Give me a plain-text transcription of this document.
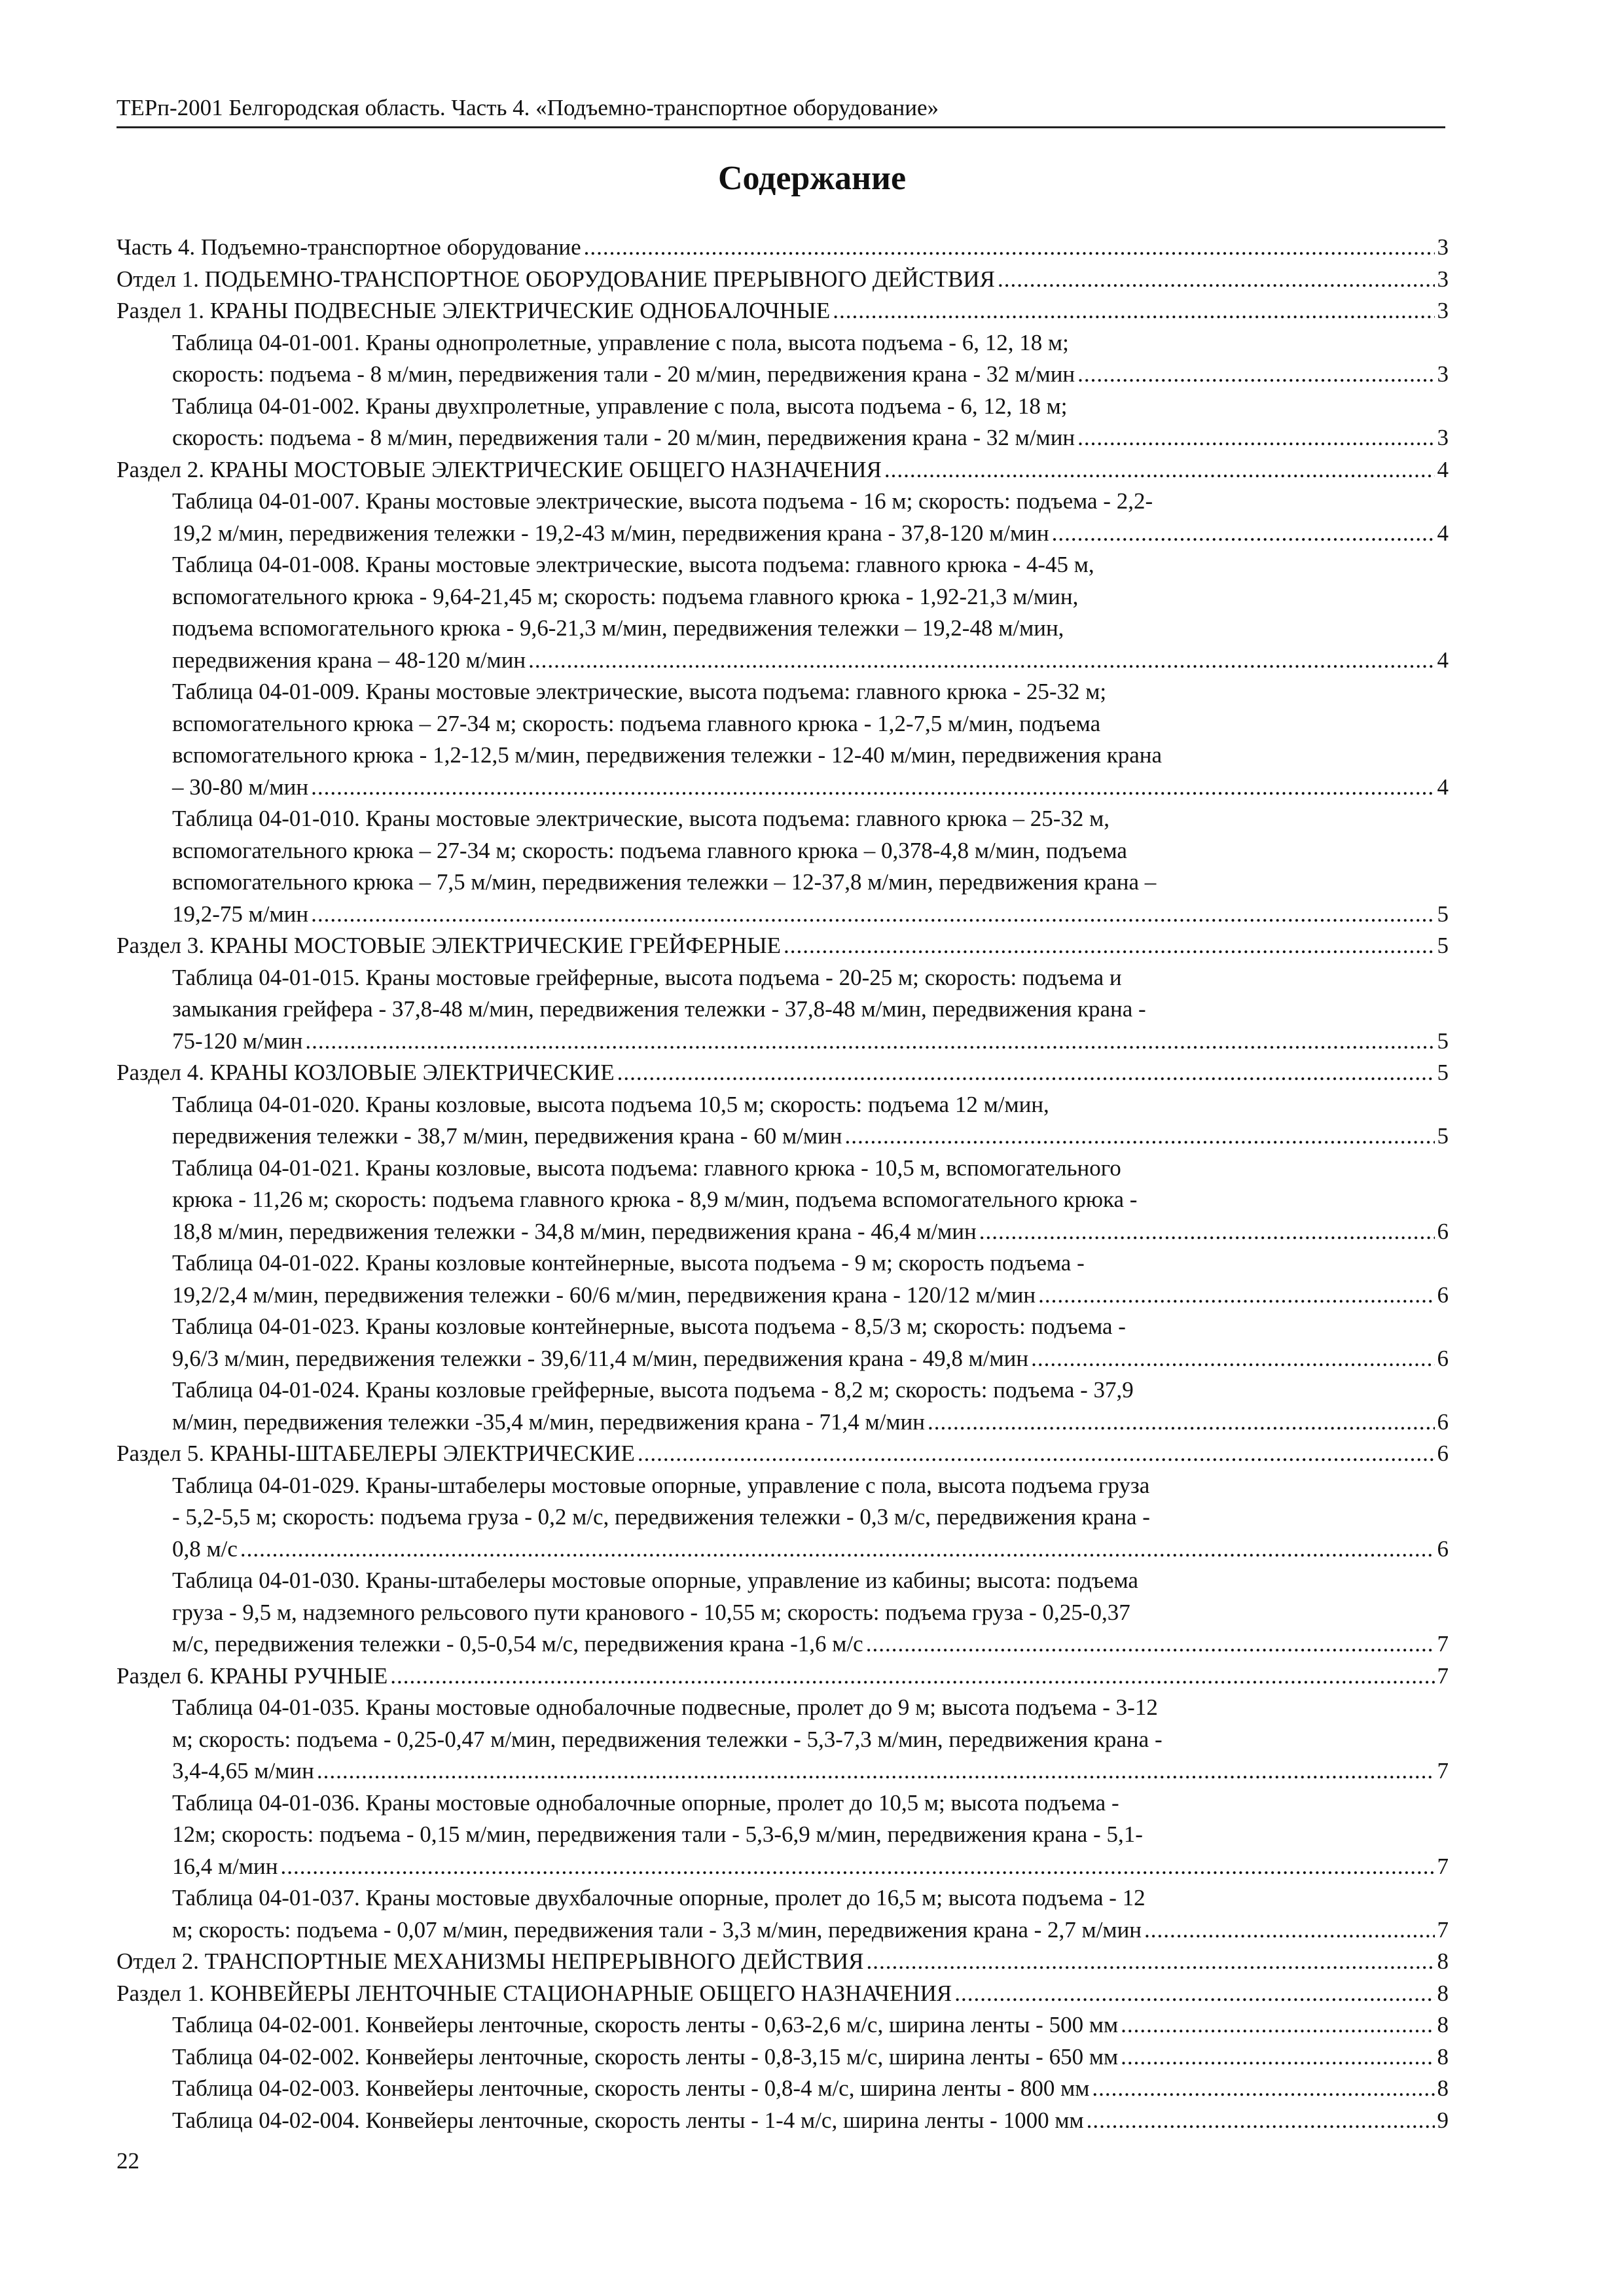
ТЕРп-2001 Белгородская область. Часть 4. «Подъемно-транспортное оборудование»
Содержание
Часть 4. Подъемно-транспортное оборудование .....	3
Отдел 1. ПОДЬЕМНО-ТРАНСПОРТНОЕ ОБОРУДОВАНИЕ ПРЕРЫВНОГО ДЕЙСТВИЯ .....	3
Раздел 1. КРАНЫ ПОДВЕСНЫЕ ЭЛЕКТРИЧЕСКИЕ ОДНОБАЛОЧНЫЕ .....	3
Таблица 04-01-001. Краны однопролетные, управление с пола, высота подъема - 6, 12, 18 м;
скорость: подъема - 8 м/мин, передвижения тали - 20 м/мин, передвижения крана - 32 м/мин .....	3
Таблица 04-01-002. Краны двухпролетные, управление с пола, высота подъема - 6, 12, 18 м;
скорость: подъема - 8 м/мин, передвижения тали - 20 м/мин, передвижения крана - 32 м/мин .....	3
Раздел 2. КРАНЫ МОСТОВЫЕ ЭЛЕКТРИЧЕСКИЕ ОБЩЕГО НАЗНАЧЕНИЯ .....	4
Таблица 04-01-007. Краны мостовые электрические, высота подъема - 16 м; скорость: подъема - 2,2-
19,2 м/мин, передвижения тележки - 19,2-43 м/мин, передвижения крана - 37,8-120 м/мин .....	4
Таблица 04-01-008. Краны мостовые электрические, высота подъема: главного крюка - 4-45 м,
вспомогательного крюка - 9,64-21,45 м; скорость: подъема главного крюка - 1,92-21,3 м/мин,
подъема вспомогательного крюка - 9,6-21,3 м/мин, передвижения тележки – 19,2-48 м/мин,
передвижения крана – 48-120 м/мин .....	4
Таблица 04-01-009. Краны мостовые электрические, высота подъема: главного крюка - 25-32 м;
вспомогательного крюка – 27-34 м; скорость: подъема главного крюка - 1,2-7,5 м/мин, подъема
вспомогательного крюка - 1,2-12,5 м/мин, передвижения тележки - 12-40 м/мин, передвижения крана
– 30-80 м/мин .....	4
Таблица 04-01-010. Краны мостовые электрические, высота подъема: главного крюка – 25-32 м,
вспомогательного крюка – 27-34 м; скорость: подъема главного крюка – 0,378-4,8 м/мин, подъема
вспомогательного крюка – 7,5 м/мин, передвижения тележки – 12-37,8 м/мин, передвижения крана –
19,2-75 м/мин .....	5
Раздел 3. КРАНЫ МОСТОВЫЕ ЭЛЕКТРИЧЕСКИЕ ГРЕЙФЕРНЫЕ .....	5
Таблица 04-01-015. Краны мостовые грейферные, высота подъема - 20-25 м; скорость: подъема и
замыкания грейфера - 37,8-48 м/мин, передвижения тележки - 37,8-48 м/мин, передвижения крана -
75-120 м/мин .....	5
Раздел 4. КРАНЫ КОЗЛОВЫЕ ЭЛЕКТРИЧЕСКИЕ .....	5
Таблица 04-01-020. Краны козловые, высота подъема 10,5 м; скорость: подъема 12 м/мин,
передвижения тележки - 38,7 м/мин, передвижения крана - 60 м/мин .....	5
Таблица 04-01-021. Краны козловые, высота подъема: главного крюка - 10,5 м, вспомогательного
крюка - 11,26 м; скорость: подъема главного крюка - 8,9 м/мин, подъема вспомогательного крюка -
18,8 м/мин, передвижения тележки - 34,8 м/мин, передвижения крана - 46,4 м/мин .....	6
Таблица 04-01-022. Краны козловые контейнерные, высота подъема - 9 м; скорость подъема -
19,2/2,4 м/мин, передвижения тележки - 60/6 м/мин, передвижения крана - 120/12 м/мин .....	6
Таблица 04-01-023. Краны козловые контейнерные, высота подъема - 8,5/3 м; скорость: подъема -
9,6/3 м/мин, передвижения тележки - 39,6/11,4 м/мин, передвижения крана - 49,8 м/мин .....	6
Таблица 04-01-024. Краны козловые грейферные, высота подъема - 8,2 м; скорость: подъема - 37,9
м/мин, передвижения тележки -35,4 м/мин, передвижения крана - 71,4 м/мин .....	6
Раздел 5. КРАНЫ-ШТАБЕЛЕРЫ ЭЛЕКТРИЧЕСКИЕ .....	6
Таблица 04-01-029. Краны-штабелеры мостовые опорные, управление с пола, высота подъема груза
- 5,2-5,5 м; скорость: подъема груза - 0,2 м/с, передвижения тележки - 0,3 м/с, передвижения крана -
0,8 м/с .....	6
Таблица 04-01-030. Краны-штабелеры мостовые опорные, управление из кабины; высота: подъема
груза - 9,5 м, надземного рельсового пути кранового - 10,55 м; скорость: подъема груза - 0,25-0,37
м/с, передвижения тележки - 0,5-0,54 м/с, передвижения крана -1,6 м/с .....	7
Раздел 6. КРАНЫ РУЧНЫЕ .....	7
Таблица 04-01-035. Краны мостовые однобалочные подвесные, пролет до 9 м; высота подъема - 3-12
м; скорость: подъема - 0,25-0,47 м/мин, передвижения тележки - 5,3-7,3 м/мин, передвижения крана -
3,4-4,65 м/мин .....	7
Таблица 04-01-036. Краны мостовые однобалочные опорные, пролет до 10,5 м; высота подъема -
12м; скорость: подъема - 0,15 м/мин, передвижения тали - 5,3-6,9 м/мин, передвижения крана - 5,1-
16,4 м/мин .....	7
Таблица 04-01-037. Краны мостовые двухбалочные опорные, пролет до 16,5 м; высота подъема - 12
м; скорость: подъема - 0,07 м/мин, передвижения тали - 3,3 м/мин, передвижения крана - 2,7 м/мин .....	7
Отдел 2. ТРАНСПОРТНЫЕ МЕХАНИЗМЫ НЕПРЕРЫВНОГО ДЕЙСТВИЯ .....	8
Раздел 1. КОНВЕЙЕРЫ ЛЕНТОЧНЫЕ СТАЦИОНАРНЫЕ ОБЩЕГО НАЗНАЧЕНИЯ .....	8
Таблица 04-02-001. Конвейеры ленточные, скорость ленты - 0,63-2,6 м/с, ширина ленты - 500 мм .....	8
Таблица 04-02-002. Конвейеры ленточные, скорость ленты - 0,8-3,15 м/с, ширина ленты - 650 мм .....	8
Таблица 04-02-003. Конвейеры ленточные, скорость ленты - 0,8-4 м/с, ширина ленты - 800 мм .....	8
Таблица 04-02-004. Конвейеры ленточные, скорость ленты - 1-4 м/с, ширина ленты - 1000 мм .....	9
22
